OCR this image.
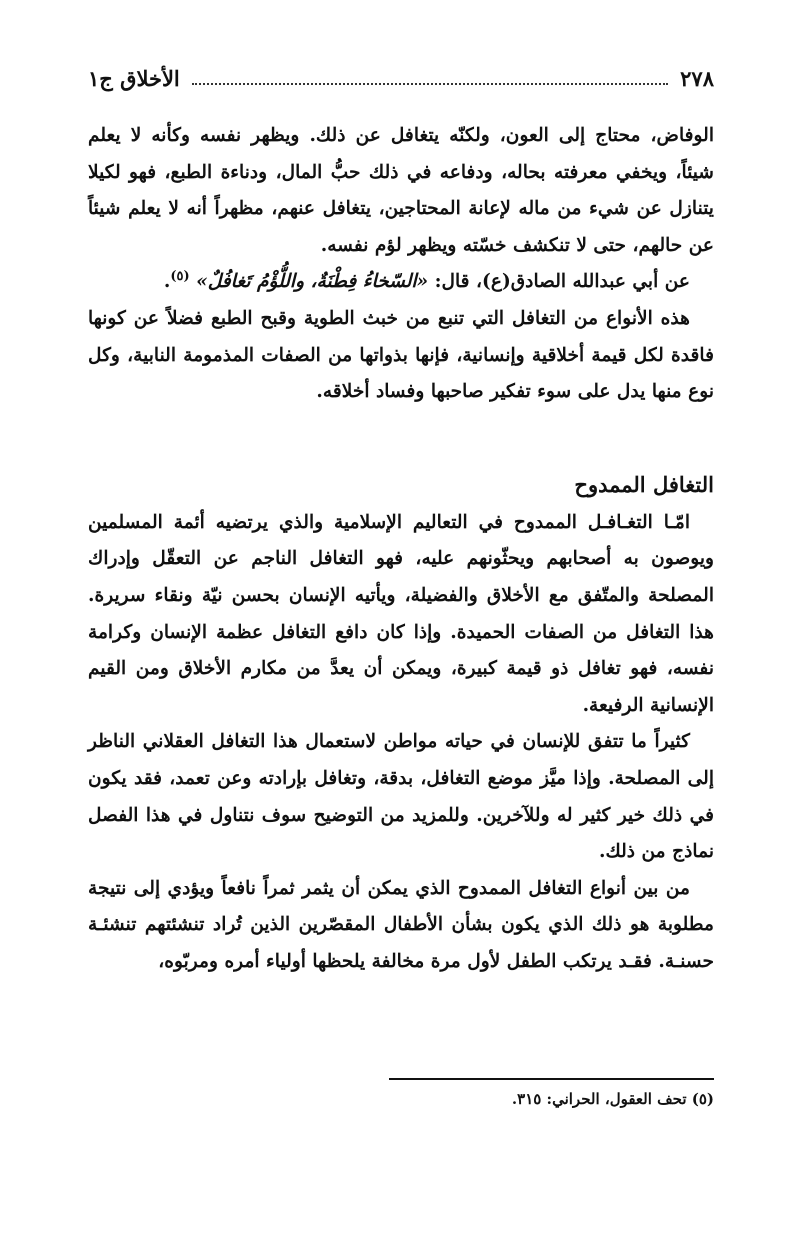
٢٧٨
الأخلاق ج١

الوفاض، محتاج إلى العون، ولكنّه يتغافل عن ذلك. ويظهر نفسه وكأنه لا يعلم شيئاً، ويخفي معرفته بحاله، ودفاعه في ذلك حبُّ المال، ودناءة الطبع، فهو لكيلا يتنازل عن شيء من ماله لإعانة المحتاجين، يتغافل عنهم، مظهراً أنه لا يعلم شيئاً عن حالهم، حتى لا تنكشف خسّته ويظهر لؤم نفسه.

عن أبي عبدالله الصادق(ع)، قال: «السّخاءُ فِطْنَةٌ، واللُّؤْمُ تَغافُلٌ» $^{(٥)}$.

هذه الأنواع من التغافل التي تنبع من خبث الطوية وقبح الطبع فضلاً عن كونها فاقدة لكل قيمة أخلاقية وإنسانية، فإنها بذواتها من الصفات المذمومة النابية، وكل نوع منها يدل على سوء تفكير صاحبها وفساد أخلاقه.

التغافل الممدوح

امّـا التغـافـل الممدوح في التعاليم الإسلامية والذي يرتضيه أئمة المسلمين ويوصون به أصحابهم ويحثّونهم عليه، فهو التغافل الناجم عن التعقّل وإدراك المصلحة والمتّفق مع الأخلاق والفضيلة، ويأتيه الإنسان بحسن نيّة ونقاء سريرة. هذا التغافل من الصفات الحميدة. وإذا كان دافع التغافل عظمة الإنسان وكرامة نفسه، فهو تغافل ذو قيمة كبيرة، ويمكن أن يعدَّ من مكارم الأخلاق ومن القيم الإنسانية الرفيعة.

كثيراً ما تتفق للإنسان في حياته مواطن لاستعمال هذا التغافل العقلاني الناظر إلى المصلحة. وإذا ميَّز موضع التغافل، بدقة، وتغافل بإرادته وعن تعمد، فقد يكون في ذلك خير كثير له وللآخرين. وللمزيد من التوضيح سوف نتناول في هذا الفصل نماذج من ذلك.

من بين أنواع التغافل الممدوح الذي يمكن أن يثمر ثمراً نافعاً ويؤدي إلى نتيجة مطلوبة هو ذلك الذي يكون بشأن الأطفال المقصّرين الذين تُراد تنشئتهم تنشئـة حسنـة. فقـد يرتكب الطفل لأول مرة مخالفة يلحظها أولياء أمره ومربّوه،

(٥) تحف العقول، الحراني: ٣١٥.
